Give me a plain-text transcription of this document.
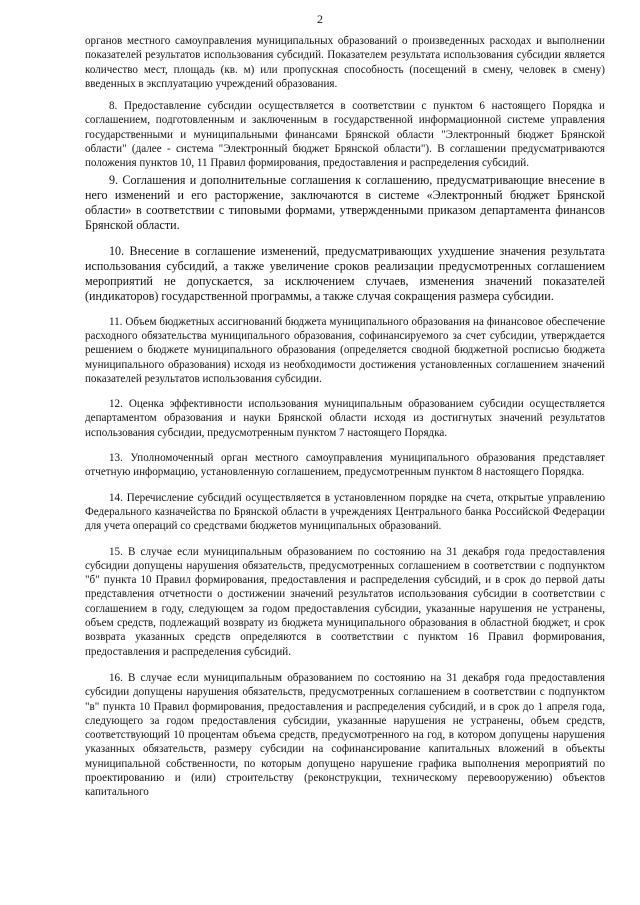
2

органов местного самоуправления муниципальных образований о произведенных расходах и выполнении показателей результатов использования субсидий. Показателем результата использования субсидии является количество мест, площадь (кв. м) или пропускная способность (посещений в смену, человек в смену) введенных в эксплуатацию учреждений образования.

8. Предоставление субсидии осуществляется в соответствии с пунктом 6 настоящего Порядка и соглашением, подготовленным и заключенным в государственной информационной системе управления государственными и муниципальными финансами Брянской области "Электронный бюджет Брянской области" (далее - система "Электронный бюджет Брянской области"). В соглашении предусматриваются положения пунктов 10, 11 Правил формирования, предоставления и распределения субсидий.

9. Соглашения и дополнительные соглашения к соглашению, предусматривающие внесение в него изменений и его расторжение, заключаются в системе «Электронный бюджет Брянской области» в соответствии с типовыми формами, утвержденными приказом департамента финансов Брянской области.

10. Внесение в соглашение изменений, предусматривающих ухудшение значения результата использования субсидий, а также увеличение сроков реализации предусмотренных соглашением мероприятий не допускается, за исключением случаев, изменения значений показателей (индикаторов) государственной программы, а также случая сокращения размера субсидии.

11. Объем бюджетных ассигнований бюджета муниципального образования на финансовое обеспечение расходного обязательства муниципального образования, софинансируемого за счет субсидии, утверждается решением о бюджете муниципального образования (определяется сводной бюджетной росписью бюджета муниципального образования) исходя из необходимости достижения установленных соглашением значений показателей результатов использования субсидии.

12. Оценка эффективности использования муниципальным образованием субсидии осуществляется департаментом образования и науки Брянской области исходя из достигнутых значений результатов использования субсидии, предусмотренным пунктом 7 настоящего Порядка.

13. Уполномоченный орган местного самоуправления муниципального образования представляет отчетную информацию, установленную соглашением, предусмотренным пунктом 8 настоящего Порядка.

14. Перечисление субсидий осуществляется в установленном порядке на счета, открытые управлению Федерального казначейства по Брянской области в учреждениях Центрального банка Российской Федерации для учета операций со средствами бюджетов муниципальных образований.

15. В случае если муниципальным образованием по состоянию на 31 декабря года предоставления субсидии допущены нарушения обязательств, предусмотренных соглашением в соответствии с подпунктом "б" пункта 10 Правил формирования, предоставления и распределения субсидий, и в срок до первой даты представления отчетности о достижении значений результатов использования субсидии в соответствии с соглашением в году, следующем за годом предоставления субсидии, указанные нарушения не устранены, объем средств, подлежащий возврату из бюджета муниципального образования в областной бюджет, и срок возврата указанных средств определяются в соответствии с пунктом 16 Правил формирования, предоставления и распределения субсидий.

16. В случае если муниципальным образованием по состоянию на 31 декабря года предоставления субсидии допущены нарушения обязательств, предусмотренных соглашением в соответствии с подпунктом "в" пункта 10 Правил формирования, предоставления и распределения субсидий, и в срок до 1 апреля года, следующего за годом предоставления субсидии, указанные нарушения не устранены, объем средств, соответствующий 10 процентам объема средств, предусмотренного на год, в котором допущены нарушения указанных обязательств, размеру субсидии на софинансирование капитальных вложений в объекты муниципальной собственности, по которым допущено нарушение графика выполнения мероприятий по проектированию и (или) строительству (реконструкции, техническому перевооружению) объектов капитального
